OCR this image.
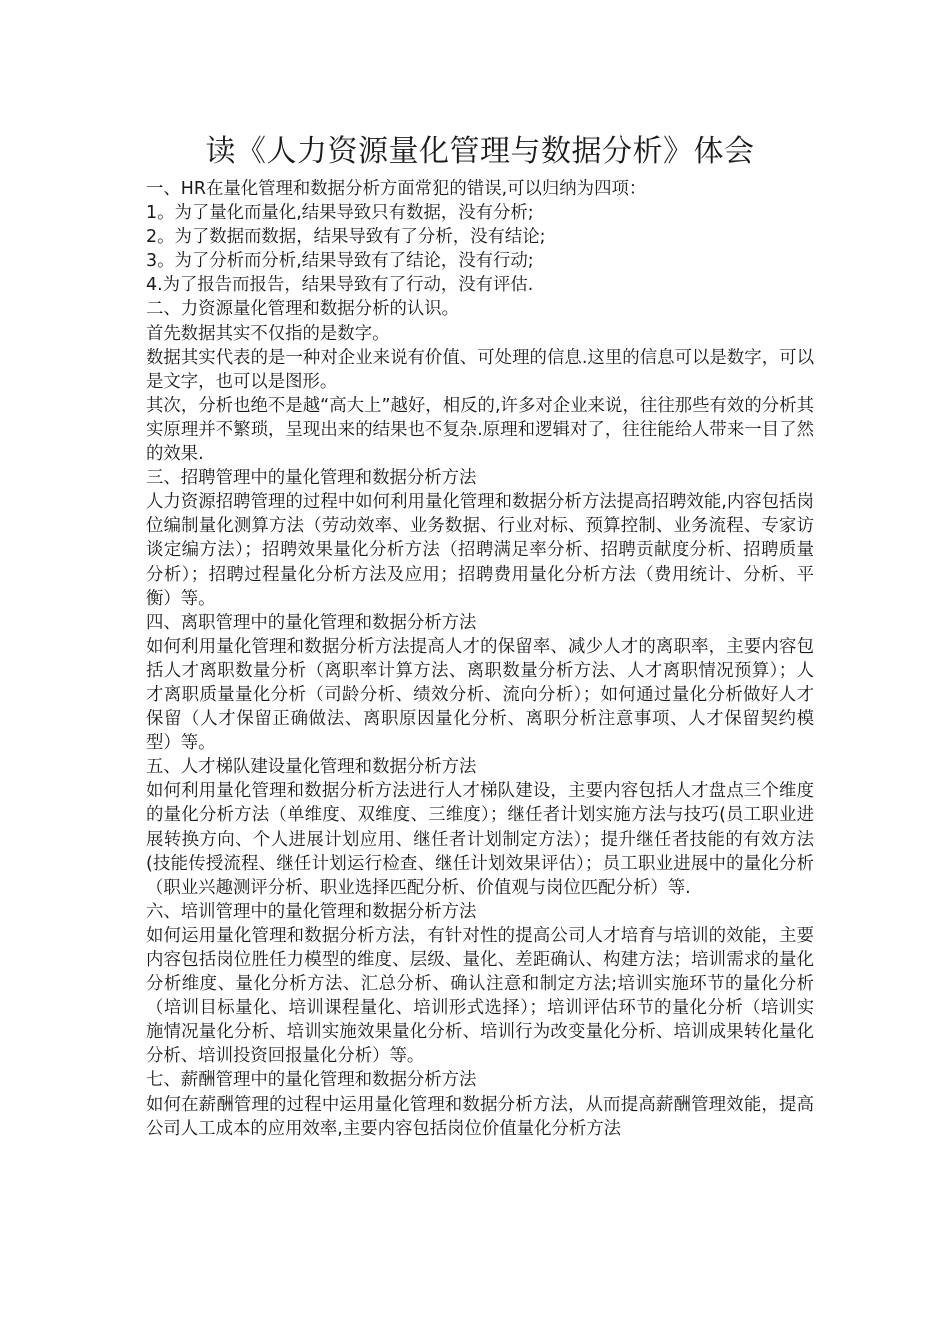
读《人力资源量化管理与数据分析》体会

一、HR在量化管理和数据分析方面常犯的错误,可以归纳为四项：

1。为了量化而量化,结果导致只有数据，没有分析;

2。为了数据而数据，结果导致有了分析，没有结论;

3。为了分析而分析,结果导致有了结论，没有行动;

4.为了报告而报告，结果导致有了行动，没有评估.

二、力资源量化管理和数据分析的认识。

首先数据其实不仅指的是数字。

数据其实代表的是一种对企业来说有价值、可处理的信息.这里的信息可以是数字，可以是文字，也可以是图形。

其次，分析也绝不是越“高大上”越好，相反的,许多对企业来说，往往那些有效的分析其实原理并不繁琐，呈现出来的结果也不复杂.原理和逻辑对了，往往能给人带来一目了然的效果.

三、招聘管理中的量化管理和数据分析方法

人力资源招聘管理的过程中如何利用量化管理和数据分析方法提高招聘效能,内容包括岗位编制量化测算方法（劳动效率、业务数据、行业对标、预算控制、业务流程、专家访谈定编方法）；招聘效果量化分析方法（招聘满足率分析、招聘贡献度分析、招聘质量分析）；招聘过程量化分析方法及应用；招聘费用量化分析方法（费用统计、分析、平衡）等。

四、离职管理中的量化管理和数据分析方法

如何利用量化管理和数据分析方法提高人才的保留率、减少人才的离职率，主要内容包括人才离职数量分析（离职率计算方法、离职数量分析方法、人才离职情况预算）；人才离职质量量化分析（司龄分析、绩效分析、流向分析）；如何通过量化分析做好人才保留（人才保留正确做法、离职原因量化分析、离职分析注意事项、人才保留契约模型）等。

五、人才梯队建设量化管理和数据分析方法

如何利用量化管理和数据分析方法进行人才梯队建设，主要内容包括人才盘点三个维度的量化分析方法（单维度、双维度、三维度）；继任者计划实施方法与技巧(员工职业进展转换方向、个人进展计划应用、继任者计划制定方法）；提升继任者技能的有效方法(技能传授流程、继任计划运行检查、继任计划效果评估）；员工职业进展中的量化分析（职业兴趣测评分析、职业选择匹配分析、价值观与岗位匹配分析）等.

六、培训管理中的量化管理和数据分析方法

如何运用量化管理和数据分析方法，有针对性的提高公司人才培育与培训的效能，主要内容包括岗位胜任力模型的维度、层级、量化、差距确认、构建方法；培训需求的量化分析维度、量化分析方法、汇总分析、确认注意和制定方法;培训实施环节的量化分析（培训目标量化、培训课程量化、培训形式选择）；培训评估环节的量化分析（培训实施情况量化分析、培训实施效果量化分析、培训行为改变量化分析、培训成果转化量化分析、培训投资回报量化分析）等。

七、薪酬管理中的量化管理和数据分析方法

如何在薪酬管理的过程中运用量化管理和数据分析方法，从而提高薪酬管理效能，提高公司人工成本的应用效率,主要内容包括岗位价值量化分析方法
